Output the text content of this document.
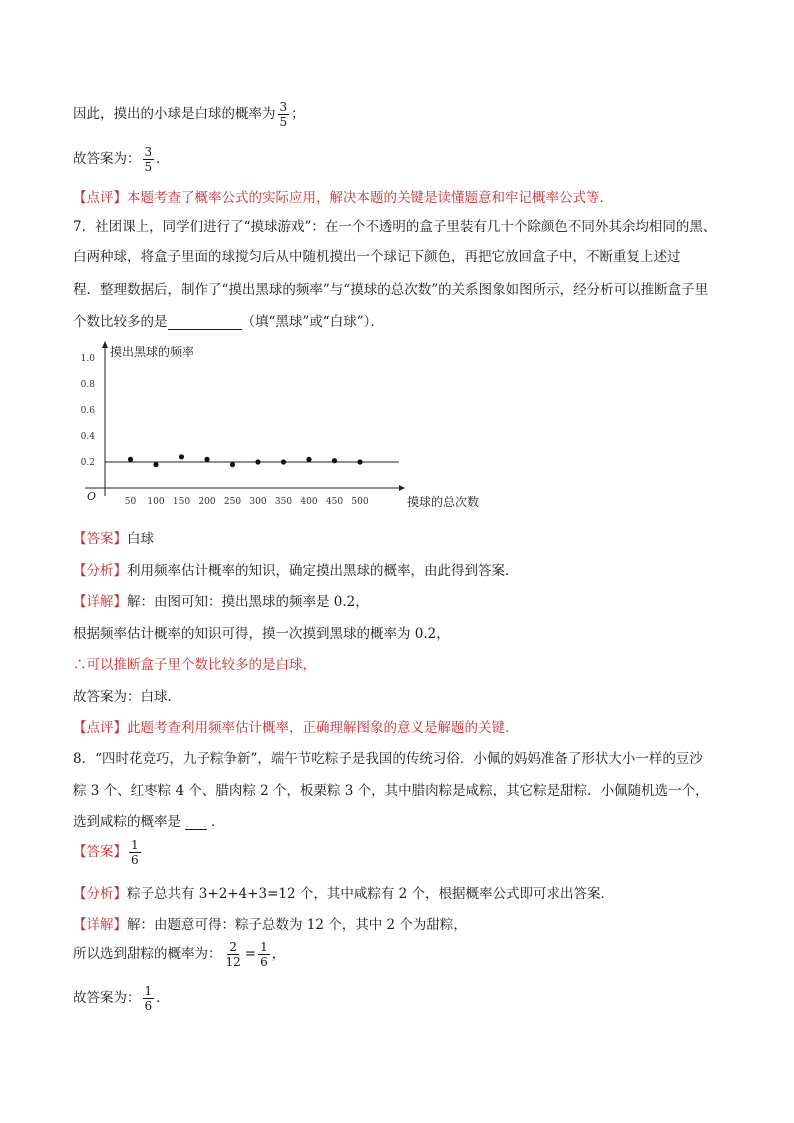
因此，摸出的小球是白球的概率为 $\frac{3}{5}$ ；
故答案为： $\frac{3}{5}$ ．
【点评】本题考查了概率公式的实际应用，解决本题的关键是读懂题意和牢记概率公式等．
7．社团课上，同学们进行了“摸球游戏”：在一个不透明的盒子里装有几十个除颜色不同外其余均相同的黑、
白两种球，将盒子里面的球搅匀后从中随机摸出一个球记下颜色，再把它放回盒子中，不断重复上述过
程．整理数据后，制作了“摸出黑球的频率”与“摸球的总次数”的关系图象如图所示，经分析可以推断盒子里
个数比较多的是	（填“黑球”或“白球”）．
0.2
0.4
0.6
0.8
1.0
50 100 150 200 250 300 350 400 450 500
O
摸出黑球的频率
摸球的总次数
【答案】白球
【分析】利用频率估计概率的知识，确定摸出黑球的概率，由此得到答案．
【详解】解：由图可知：摸出黑球的频率是 0.2，
根据频率估计概率的知识可得，摸一次摸到黑球的概率为 0.2，
∴可以推断盒子里个数比较多的是白球，
故答案为：白球．
【点评】此题考查利用频率估计概率，正确理解图象的意义是解题的关键．
8．“四时花竞巧，九子粽争新”，端午节吃粽子是我国的传统习俗．小佩的妈妈准备了形状大小一样的豆沙
粽 3 个、红枣粽 4 个、腊肉粽 2 个，板栗粽 3 个，其中腊肉粽是咸粽，其它粽是甜粽．小佩随机选一个，
选到咸粽的概率是 ．
【答案】 $\frac{1}{6}$
【分析】粽子总共有 3+2+4+3=12 个，其中咸粽有 2 个，根据概率公式即可求出答案．
【详解】解：由题意可得：粽子总数为 12 个，其中 2 个为甜粽，
所以选到甜粽的概率为： $\frac{2}{12} = \frac{1}{6}$ ，
故答案为： $\frac{1}{6}$ ．
